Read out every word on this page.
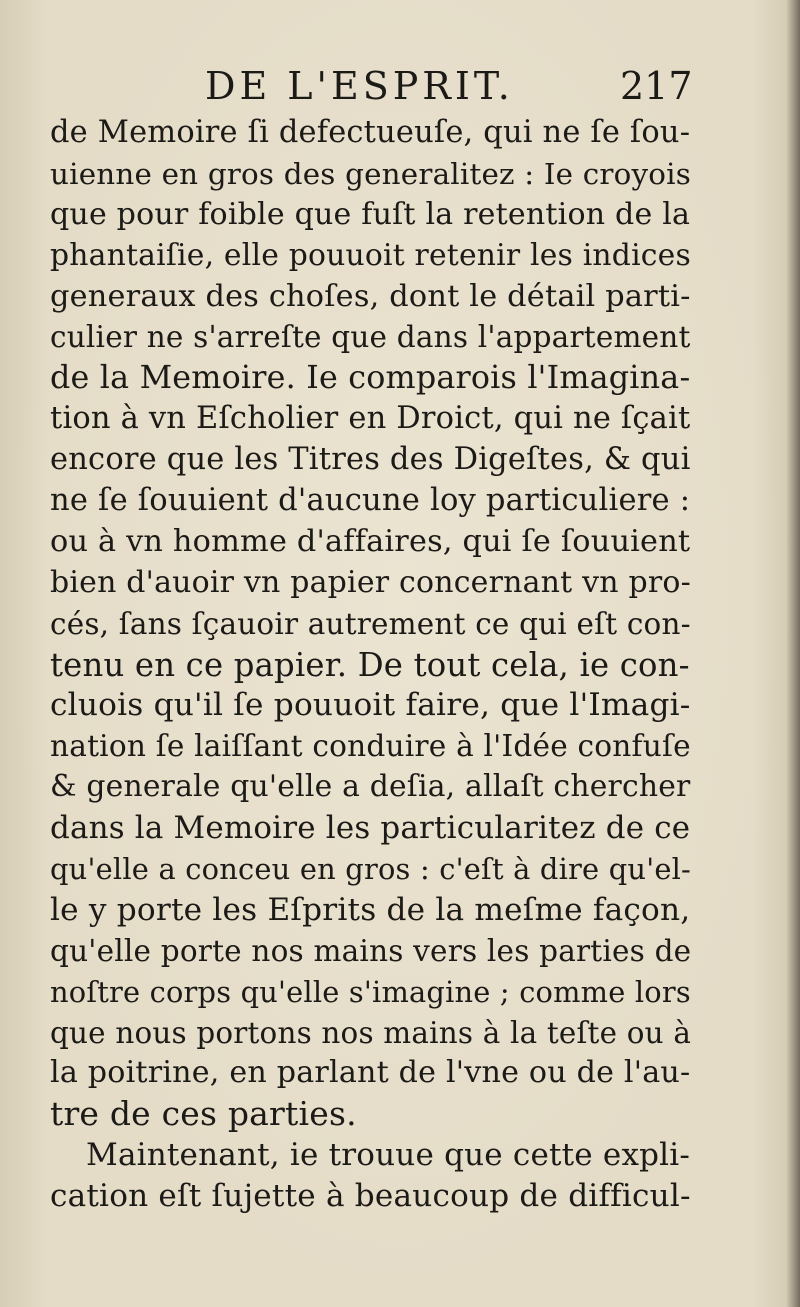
DE L'ESPRIT.	217
de Memoire ſi defectueuſe, qui ne ſe ſou-
uienne en gros des generalitez : Ie croyois
que pour foible que fuſt la retention de la
phantaiſie, elle pouuoit retenir les indices
generaux des choſes, dont le détail parti-
culier ne s'arreſte que dans l'appartement
de la Memoire. Ie comparois l'Imagina-
tion à vn Eſcholier en Droict, qui ne ſçait
encore que les Titres des Digeſtes, & qui
ne ſe ſouuient d'aucune loy particuliere :
ou à vn homme d'affaires, qui ſe ſouuient
bien d'auoir vn papier concernant vn pro-
cés, ſans ſçauoir autrement ce qui eſt con-
tenu en ce papier. De tout cela, ie con-
cluois qu'il ſe pouuoit faire, que l'Imagi-
nation ſe laiſſant conduire à l'Idée confuſe
& generale qu'elle a deſia, allaſt chercher
dans la Memoire les particularitez de ce
qu'elle a conceu en gros : c'eſt à dire qu'el-
le y porte les Eſprits de la meſme façon,
qu'elle porte nos mains vers les parties de
noſtre corps qu'elle s'imagine ; comme lors
que nous portons nos mains à la teſte ou à
la poitrine, en parlant de l'vne ou de l'au-
tre de ces parties.
Maintenant, ie trouue que cette expli-
cation eſt ſujette à beaucoup de difficul-
